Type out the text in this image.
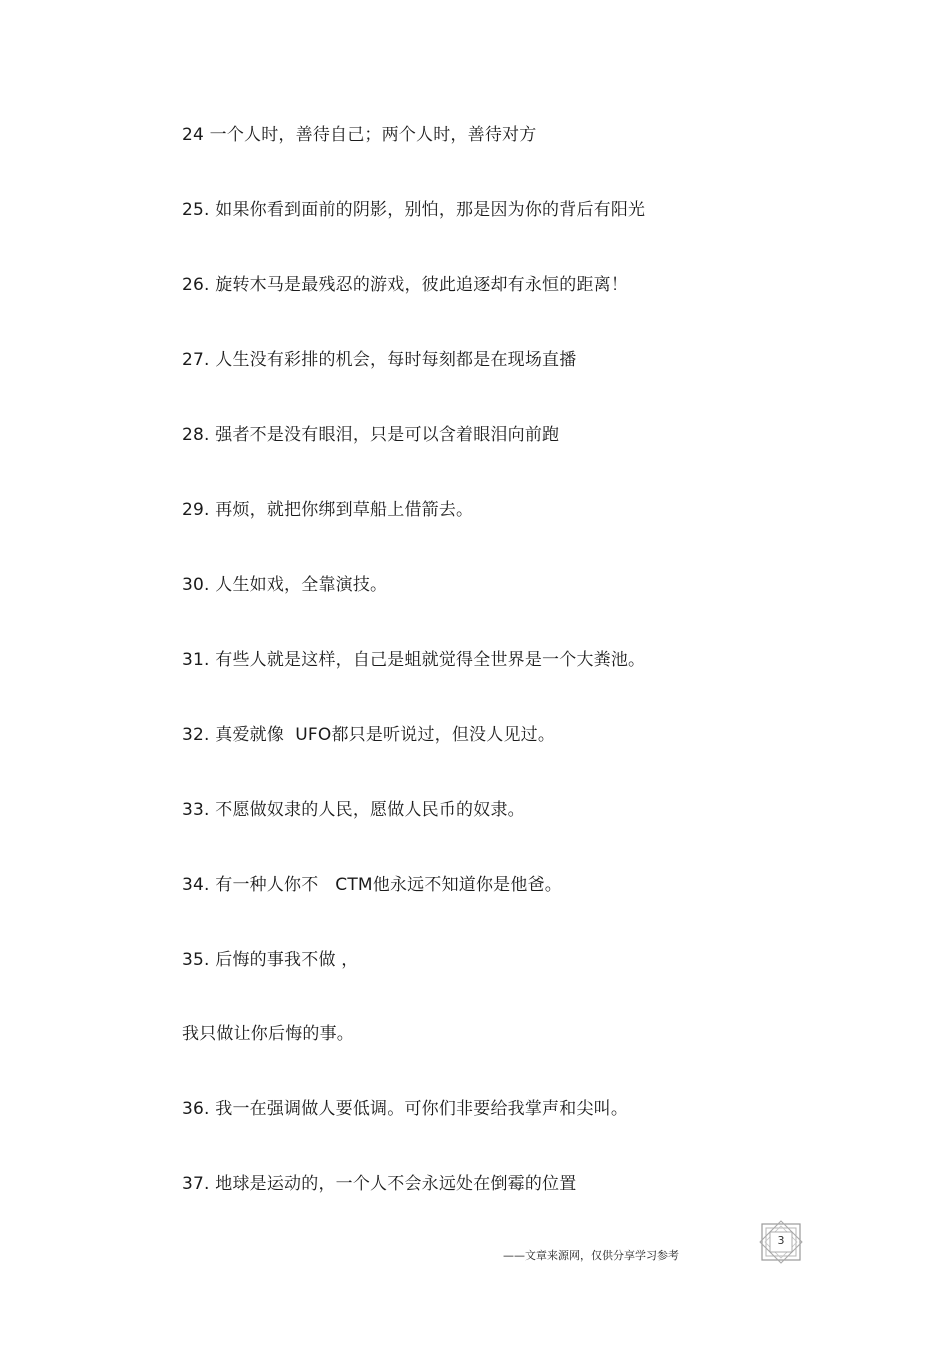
24 一个人时，善待自己；两个人时，善待对方
25. 如果你看到面前的阴影，别怕，那是因为你的背后有阳光
26. 旋转木马是最残忍的游戏，彼此追逐却有永恒的距离！
27. 人生没有彩排的机会，每时每刻都是在现场直播
28. 强者不是没有眼泪，只是可以含着眼泪向前跑
29. 再烦，就把你绑到草船上借箭去。
30. 人生如戏，全靠演技。
31. 有些人就是这样，自己是蛆就觉得全世界是一个大粪池。
32. 真爱就像  UFO都只是听说过，但没人见过。
33. 不愿做奴隶的人民，愿做人民币的奴隶。
34. 有一种人你不   CTM他永远不知道你是他爸。
35. 后悔的事我不做 ，
我只做让你后悔的事。
36. 我一在强调做人要低调。可你们非要给我掌声和尖叫。
37. 地球是运动的，一个人不会永远处在倒霉的位置
3
——文章来源网，仅供分享学习参考
